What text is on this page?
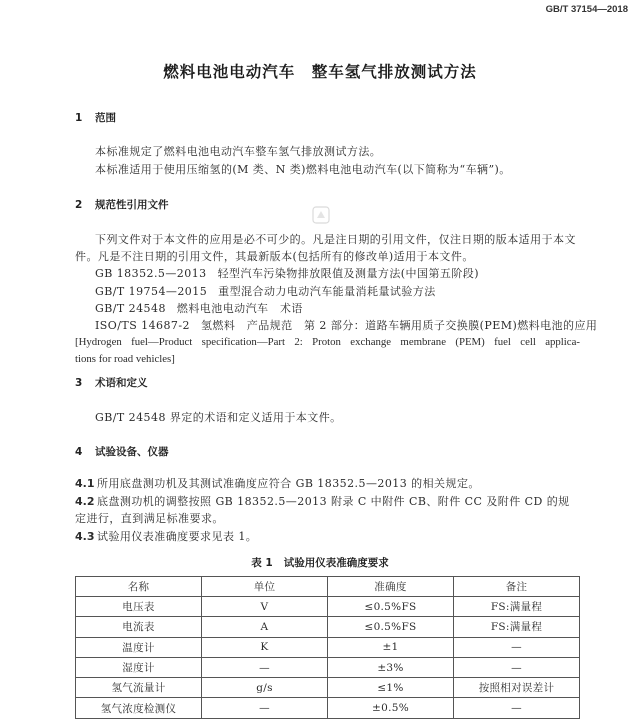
GB/T 37154—2018
燃料电池电动汽车　整车氢气排放测试方法
1 范围

本标准规定了燃料电池电动汽车整车氢气排放测试方法。

本标准适用于使用压缩氢的(M 类、N 类)燃料电池电动汽车(以下简称为“车辆”)。

2 规范性引用文件

下列文件对于本文件的应用是必不可少的。凡是注日期的引用文件，仅注日期的版本适用于本文件。凡是不注日期的引用文件，其最新版本(包括所有的修改单)适用于本文件。

GB 18352.5—2013 轻型汽车污染物排放限值及测量方法(中国第五阶段)

GB/T 19754—2015 重型混合动力电动汽车能量消耗量试验方法

GB/T 24548 燃料电池电动汽车　术语

ISO/TS 14687-2 氢燃料　产品规范　第 2 部分：道路车辆用质子交换膜(PEM)燃料电池的应用

[Hydrogen fuel—Product specification—Part 2: Proton exchange membrane (PEM) fuel cell applica-
tions for road vehicles]
3 术语和定义

GB/T 24548 界定的术语和定义适用于本文件。

4 试验设备、仪器

4.1 所用底盘测功机及其测试准确度应符合 GB 18352.5—2013 的相关规定。

4.2 底盘测功机的调整按照 GB 18352.5—2013 附录 C 中附件 CB、附件 CC 及附件 CD 的规定进行，直到满足标准要求。

4.3 试验用仪表准确度要求见表 1。

表 1 试验用仪表准确度要求
名称	单位	准确度	备注
电压表	V	≤0.5%FS	FS:满量程
电流表	A	≤0.5%FS	FS:满量程
温度计	K	±1	—
湿度计	—	±3%	—
氢气流量计	g/s	≤1%	按照相对误差计
氢气浓度检测仪	—	±0.5%	—
